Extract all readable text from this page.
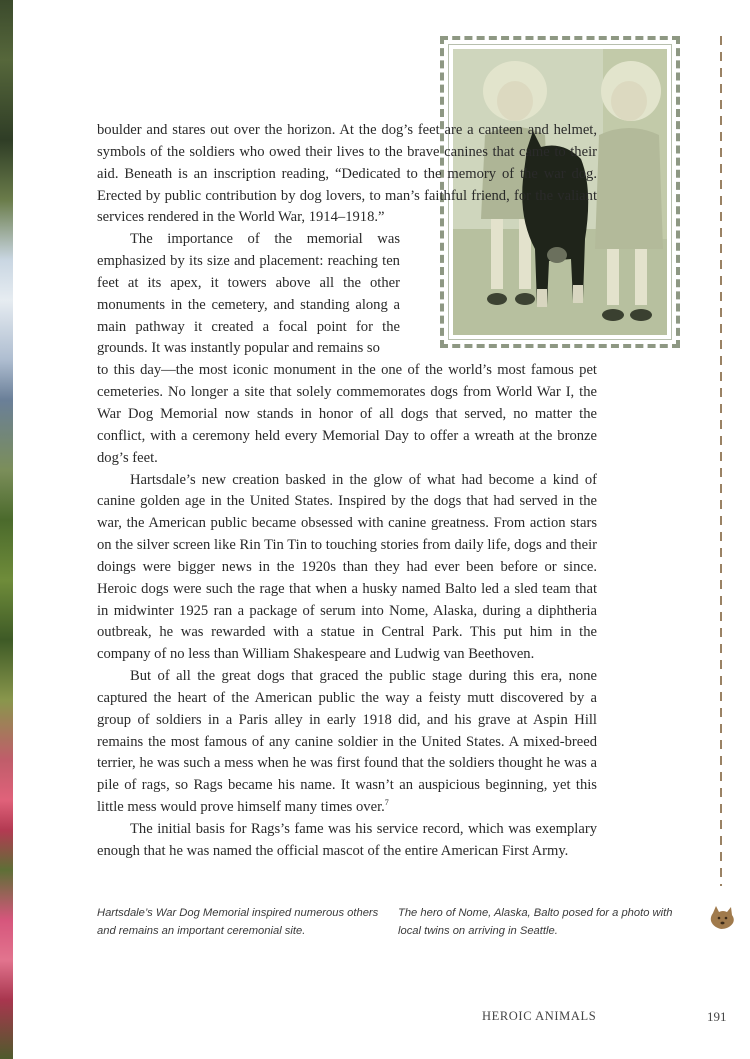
boulder and stares out over the horizon. At the dog’s feet are a canteen and helmet, symbols of the soldiers who owed their lives to the brave canines that came to their aid. Beneath is an inscription reading, “Dedicated to the memory of the war dog. Erected by public contribution by dog lovers, to man’s faithful friend, for the valiant services rendered in the World War, 1914–1918.”

The importance of the memorial was emphasized by its size and placement: reaching ten feet at its apex, it towers above all the other monuments in the cemetery, and standing along a main pathway it created a focal point for the grounds. It was instantly popular and remains so

to this day—the most iconic monument in the one of the world’s most famous pet cemeteries. No longer a site that solely commemorates dogs from World War I, the War Dog Memorial now stands in honor of all dogs that served, no matter the conflict, with a ceremony held every Memorial Day to offer a wreath at the bronze dog’s feet.

Hartsdale’s new creation basked in the glow of what had become a kind of canine golden age in the United States. Inspired by the dogs that had served in the war, the American public became obsessed with canine greatness. From action stars on the silver screen like Rin Tin Tin to touching stories from daily life, dogs and their doings were bigger news in the 1920s than they had ever been before or since. Heroic dogs were such the rage that when a husky named Balto led a sled team that in midwinter 1925 ran a package of serum into Nome, Alaska, during a diphtheria outbreak, he was rewarded with a statue in Central Park. This put him in the company of no less than William Shakespeare and Ludwig van Beethoven.

But of all the great dogs that graced the public stage during this era, none captured the heart of the American public the way a feisty mutt discovered by a group of soldiers in a Paris alley in early 1918 did, and his grave at Aspin Hill remains the most famous of any canine soldier in the United States. A mixed-breed terrier, he was such a mess when he was first found that the soldiers thought he was a pile of rags, so Rags became his name. It wasn’t an auspicious beginning, yet this little mess would prove himself many times over.$^7$

The initial basis for Rags’s fame was his service record, which was exemplary enough that he was named the official mascot of the entire American First Army.

Hartsdale’s War Dog Memorial inspired numerous others and remains an important ceremonial site.
The hero of Nome, Alaska, Balto posed for a photo with local twins on arriving in Seattle.
HEROIC ANIMALS	191
